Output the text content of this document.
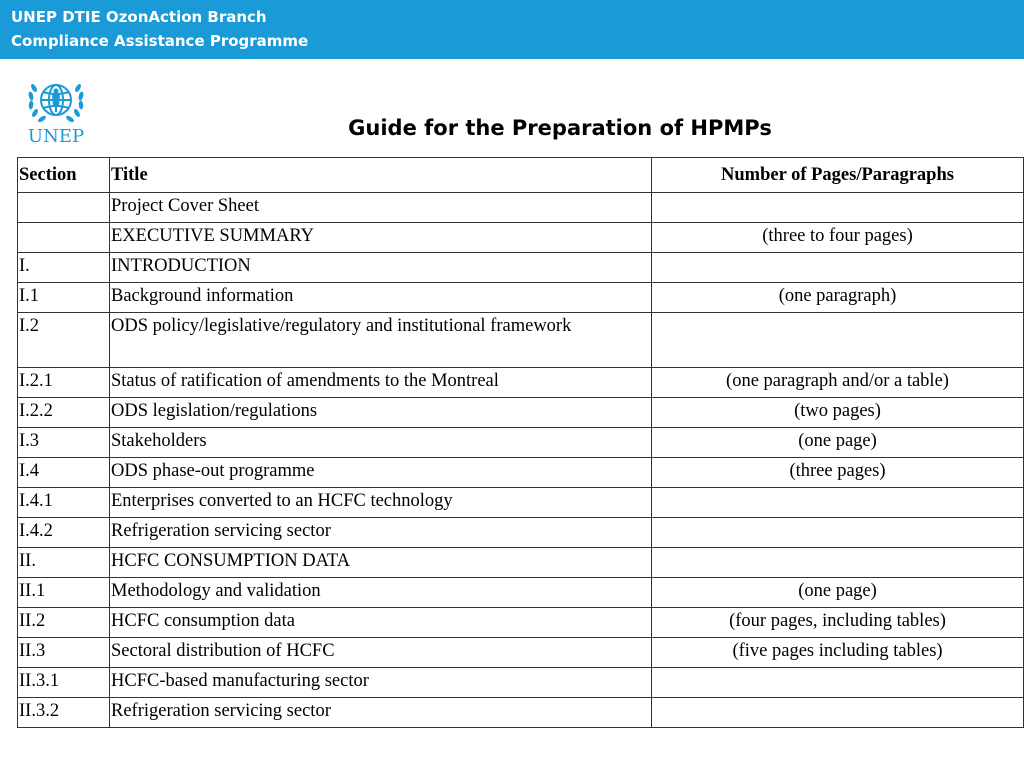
UNEP DTIE OzonAction Branch
Compliance Assistance Programme
UNEP	Guide for the Preparation of HPMPs
Section	Title	Number of Pages/Paragraphs
	Project Cover Sheet	
	EXECUTIVE SUMMARY	(three to four pages)
I.	INTRODUCTION	
I.1	Background information	(one paragraph)
I.2	ODS policy/legislative/regulatory and institutional framework	
I.2.1	Status of ratification of amendments to the Montreal	(one paragraph and/or a table)
I.2.2	ODS legislation/regulations	(two pages)
I.3	Stakeholders	(one page)
I.4	ODS phase-out programme	(three pages)
I.4.1	Enterprises converted to an HCFC technology	
I.4.2	Refrigeration servicing sector	
II.	HCFC CONSUMPTION DATA	
II.1	Methodology and validation	(one page)
II.2	HCFC consumption data	(four pages, including tables)
II.3	Sectoral distribution of HCFC	(five pages including tables)
II.3.1	HCFC-based manufacturing sector	
II.3.2	Refrigeration servicing sector	
